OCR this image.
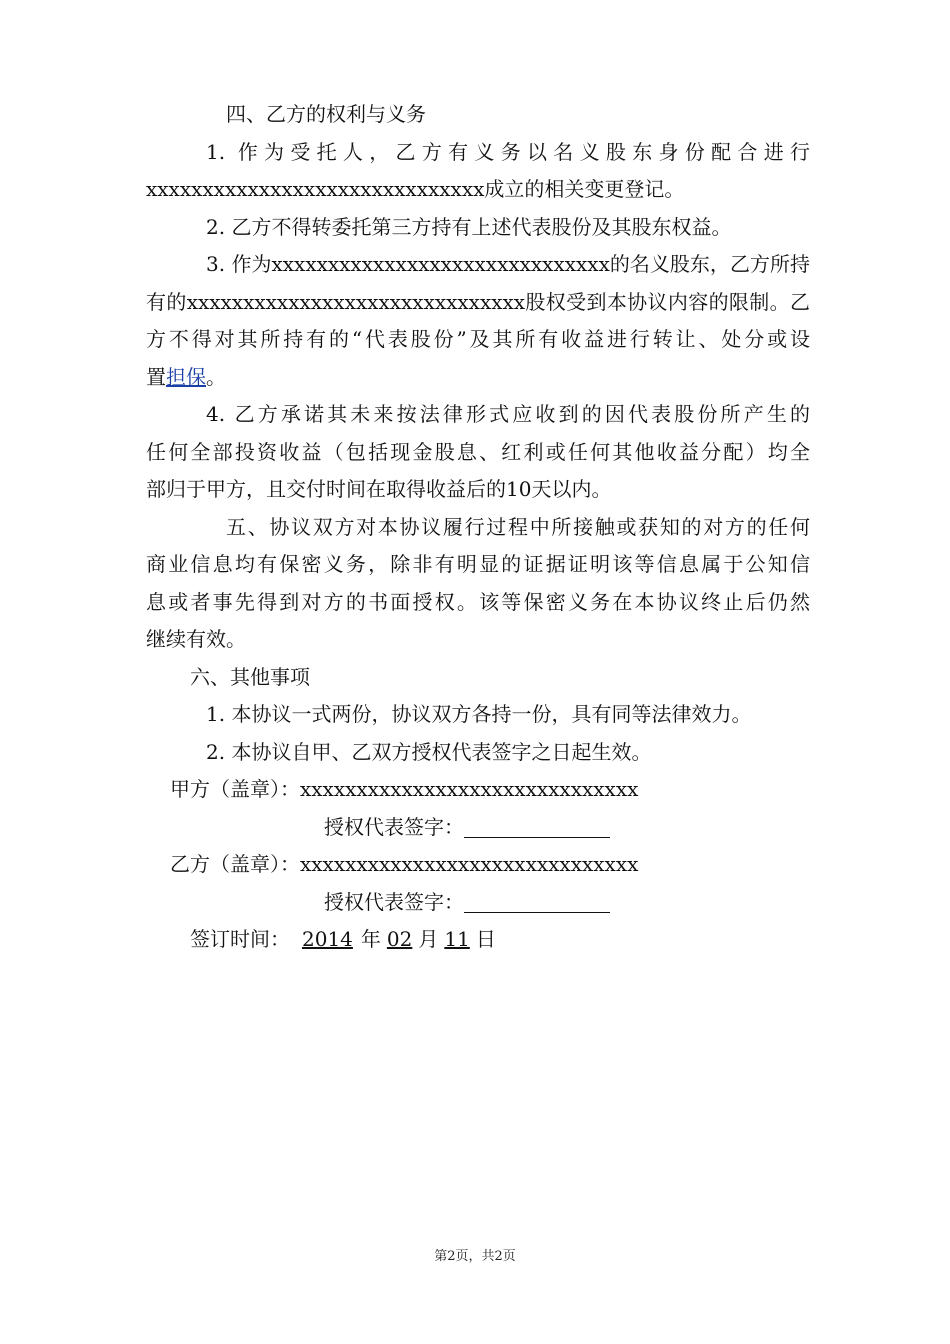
四、乙方的权利与义务
1. 作为受托人，乙方有义务以名义股东身份配合进行
xxxxxxxxxxxxxxxxxxxxxxxxxxxxxx成立的相关变更登记。
2. 乙方不得转委托第三方持有上述代表股份及其股东权益。
3. 作为xxxxxxxxxxxxxxxxxxxxxxxxxxxxxx的名义股东，乙方所持
有的xxxxxxxxxxxxxxxxxxxxxxxxxxxxxx股权受到本协议内容的限制。乙
方不得对其所持有的“代表股份”及其所有收益进行转让、处分或设
置担保。
4. 乙方承诺其未来按法律形式应收到的因代表股份所产生的
任何全部投资收益（包括现金股息、红利或任何其他收益分配）均全
部归于甲方，且交付时间在取得收益后的10天以内。
五、协议双方对本协议履行过程中所接触或获知的对方的任何
商业信息均有保密义务，除非有明显的证据证明该等信息属于公知信
息或者事先得到对方的书面授权。该等保密义务在本协议终止后仍然
继续有效。
六、其他事项
1. 本协议一式两份，协议双方各持一份，具有同等法律效力。
2. 本协议自甲、乙双方授权代表签字之日起生效。
甲方（盖章）：xxxxxxxxxxxxxxxxxxxxxxxxxxxxxx
授权代表签字：
乙方（盖章）：xxxxxxxxxxxxxxxxxxxxxxxxxxxxxx
授权代表签字：
签订时间： 2014 年 02 月 11 日
第2页，共2页
